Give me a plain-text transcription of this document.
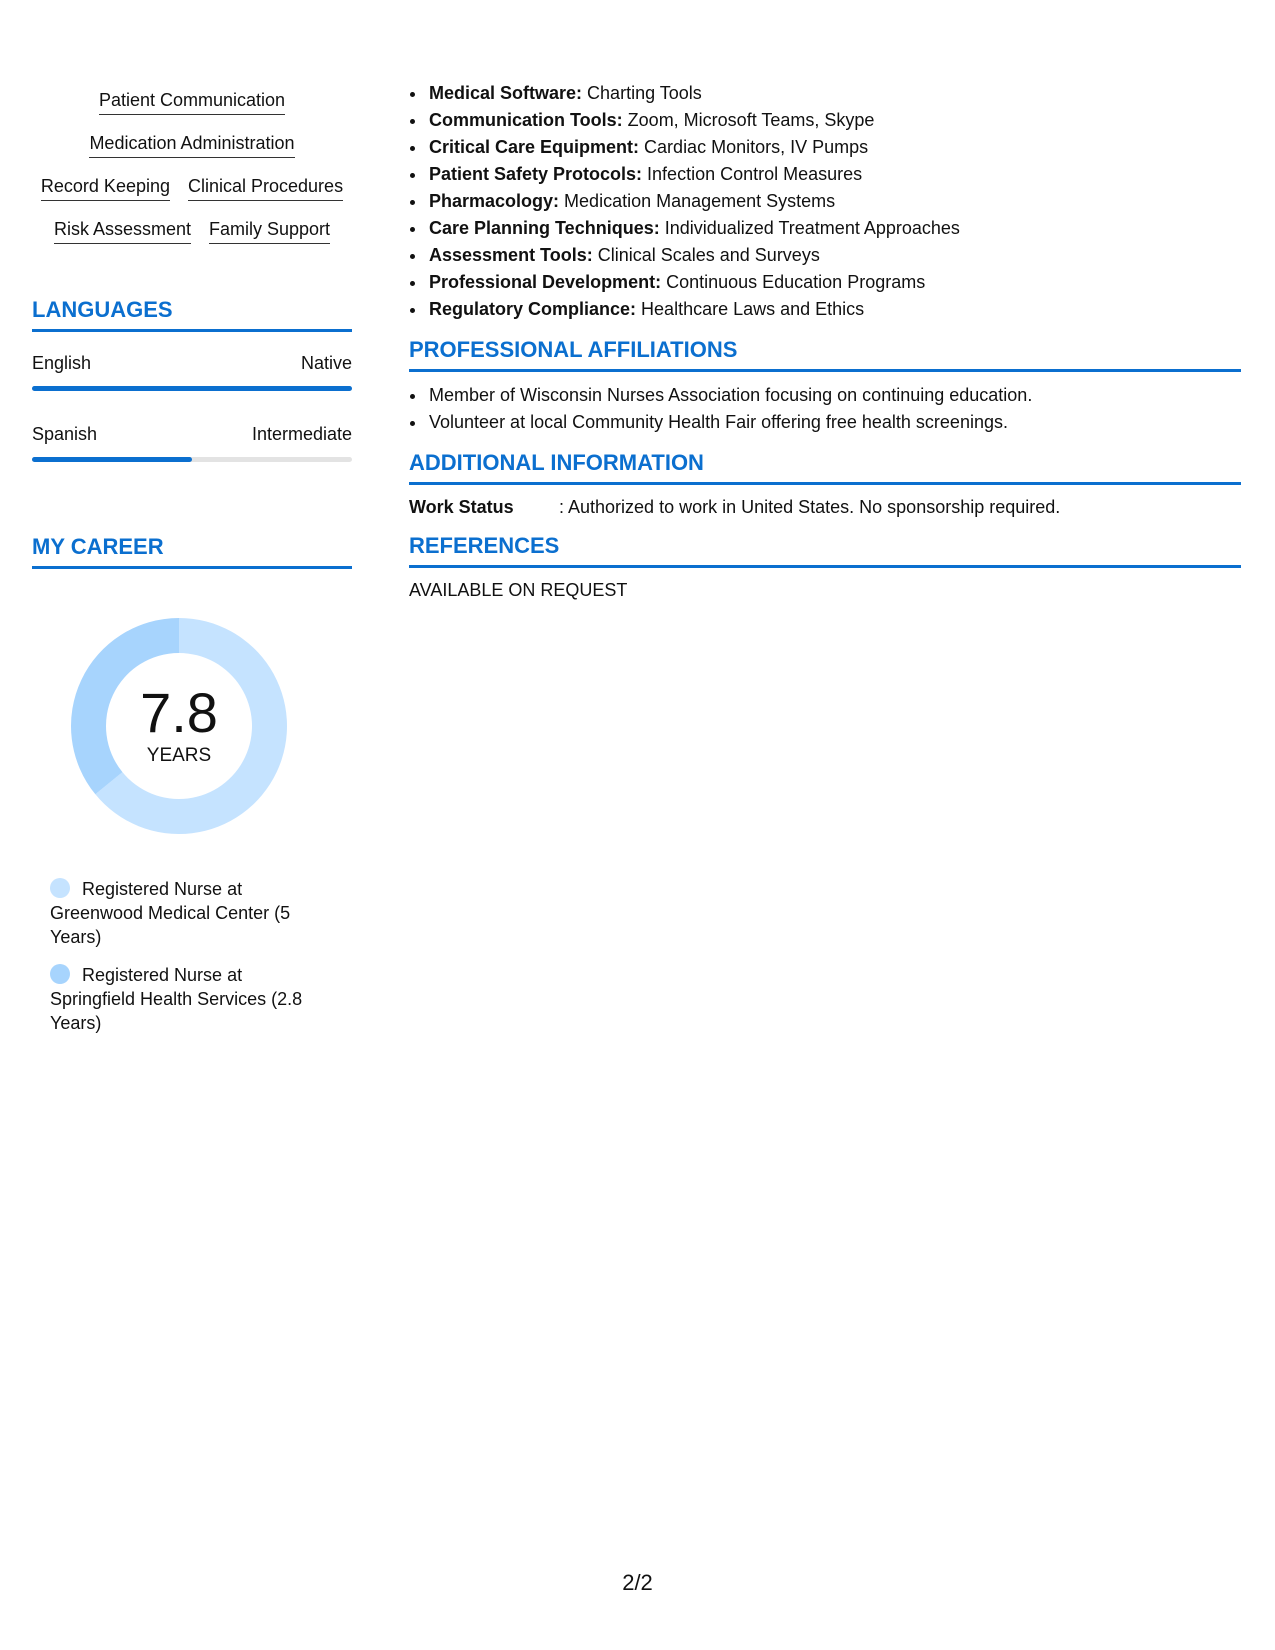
Patient Communication
Medication Administration
Record Keeping Clinical Procedures
Risk Assessment Family Support
LANGUAGES
English	Native
Spanish	Intermediate
MY CAREER
7.8
YEARS
Registered Nurse at Greenwood Medical Center (5 Years)
Registered Nurse at Springfield Health Services (2.8 Years)
• Medical Software: Charting Tools
• Communication Tools: Zoom, Microsoft Teams, Skype
• Critical Care Equipment: Cardiac Monitors, IV Pumps
• Patient Safety Protocols: Infection Control Measures
• Pharmacology: Medication Management Systems
• Care Planning Techniques: Individualized Treatment Approaches
• Assessment Tools: Clinical Scales and Surveys
• Professional Development: Continuous Education Programs
• Regulatory Compliance: Healthcare Laws and Ethics
PROFESSIONAL AFFILIATIONS
• Member of Wisconsin Nurses Association focusing on continuing education.
• Volunteer at local Community Health Fair offering free health screenings.
ADDITIONAL INFORMATION
Work Status	: Authorized to work in United States. No sponsorship required.
REFERENCES
AVAILABLE ON REQUEST
2/2
